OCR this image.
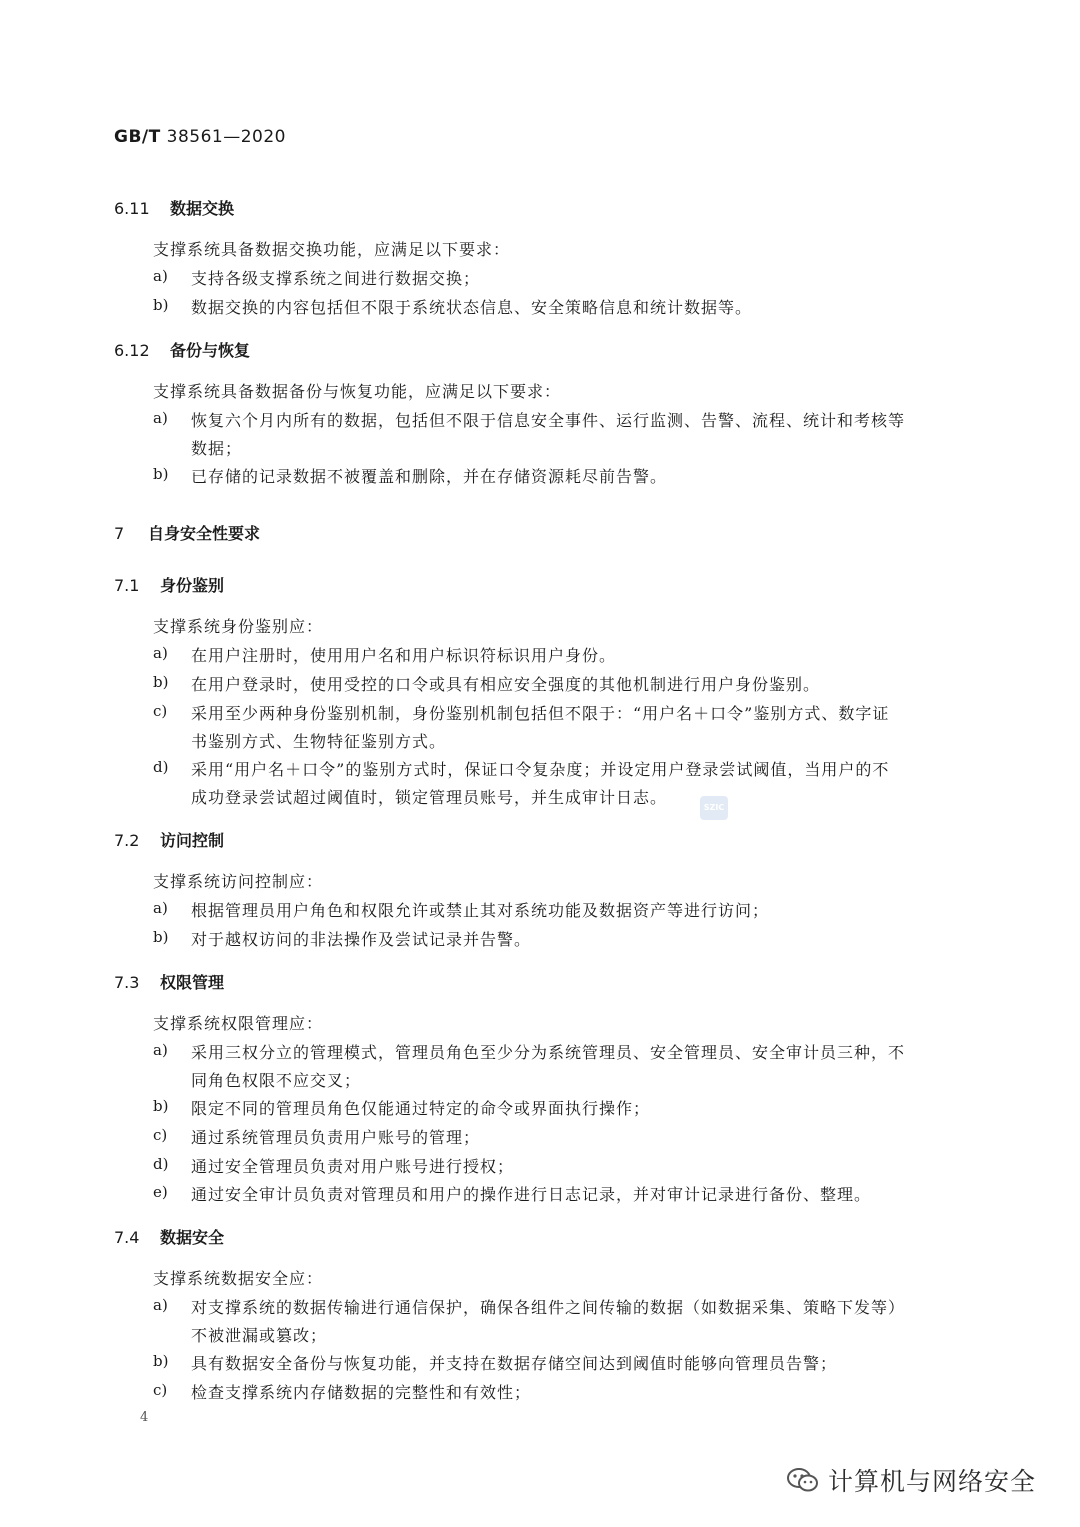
GB/T 38561—2020
6.11 数据交换
支撑系统具备数据交换功能，应满足以下要求：
a) 支持各级支撑系统之间进行数据交换；
b) 数据交换的内容包括但不限于系统状态信息、安全策略信息和统计数据等。
6.12 备份与恢复
支撑系统具备数据备份与恢复功能，应满足以下要求：
a) 恢复六个月内所有的数据，包括但不限于信息安全事件、运行监测、告警、流程、统计和考核等
数据；
b) 已存储的记录数据不被覆盖和删除，并在存储资源耗尽前告警。
7 自身安全性要求
7.1 身份鉴别
支撑系统身份鉴别应：
a) 在用户注册时，使用用户名和用户标识符标识用户身份。
b) 在用户登录时，使用受控的口令或具有相应安全强度的其他机制进行用户身份鉴别。
c) 采用至少两种身份鉴别机制，身份鉴别机制包括但不限于：“用户名＋口令”鉴别方式、数字证
书鉴别方式、生物特征鉴别方式。
d) 采用“用户名＋口令”的鉴别方式时，保证口令复杂度；并设定用户登录尝试阈值，当用户的不
成功登录尝试超过阈值时，锁定管理员账号，并生成审计日志。
SZIC
7.2 访问控制
支撑系统访问控制应：
a) 根据管理员用户角色和权限允许或禁止其对系统功能及数据资产等进行访问；
b) 对于越权访问的非法操作及尝试记录并告警。
7.3 权限管理
支撑系统权限管理应：
a) 采用三权分立的管理模式，管理员角色至少分为系统管理员、安全管理员、安全审计员三种，不
同角色权限不应交叉；
b) 限定不同的管理员角色仅能通过特定的命令或界面执行操作；
c) 通过系统管理员负责用户账号的管理；
d) 通过安全管理员负责对用户账号进行授权；
e) 通过安全审计员负责对管理员和用户的操作进行日志记录，并对审计记录进行备份、整理。
7.4 数据安全
支撑系统数据安全应：
a) 对支撑系统的数据传输进行通信保护，确保各组件之间传输的数据（如数据采集、策略下发等）
不被泄漏或篡改；
b) 具有数据安全备份与恢复功能，并支持在数据存储空间达到阈值时能够向管理员告警；
c) 检查支撑系统内存储数据的完整性和有效性；
4
计算机与网络安全
